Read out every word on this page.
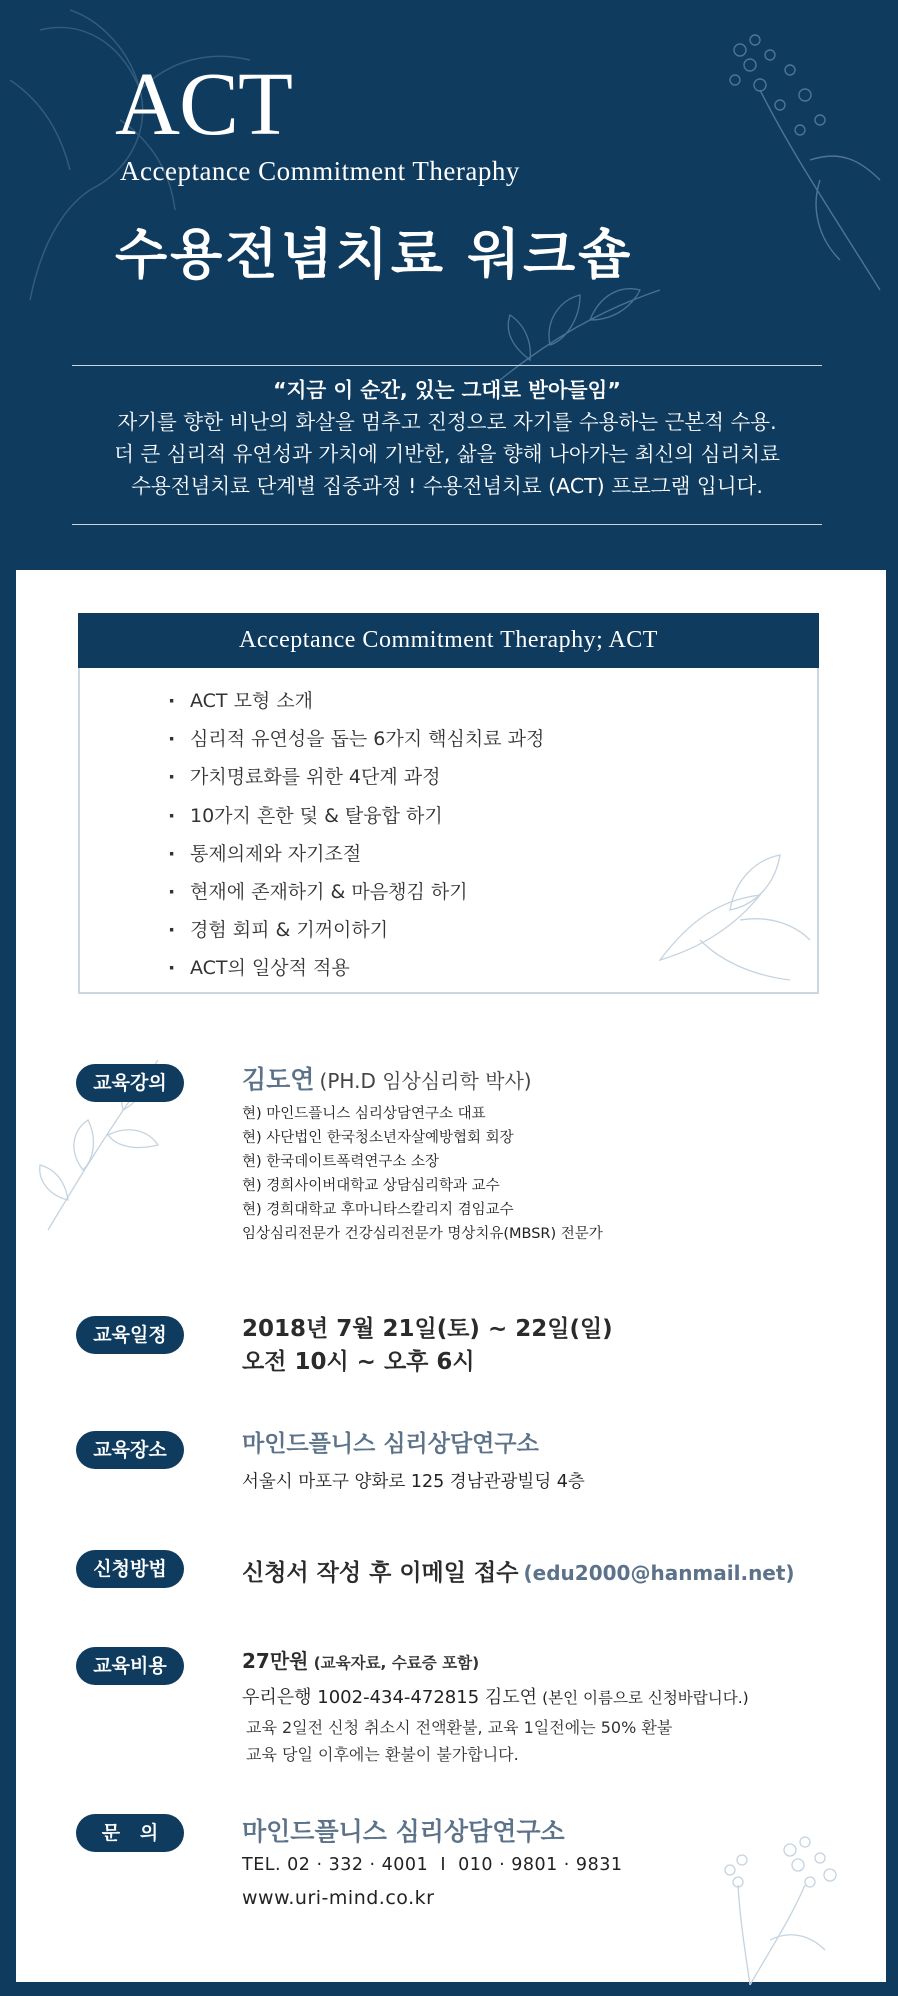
ACT
Acceptance Commitment Theraphy
수용전념치료 워크숍
“지금 이 순간, 있는 그대로 받아들임”
자기를 향한 비난의 화살을 멈추고 진정으로 자기를 수용하는 근본적 수용.
더 큰 심리적 유연성과 가치에 기반한, 삶을 향해 나아가는 최신의 심리치료
수용전념치료 단계별 집중과정 ! 수용전념치료 (ACT) 프로그램 입니다.
Acceptance Commitment Theraphy; ACT
· ACT 모형 소개
· 심리적 유연성을 돕는 6가지 핵심치료 과정
· 가치명료화를 위한 4단계 과정
· 10가지 흔한 덫 & 탈융합 하기
· 통제의제와 자기조절
· 현재에 존재하기 & 마음챙김 하기
· 경험 회피 & 기꺼이하기
· ACT의 일상적 적용
교육강의	김도연 (PH.D 임상심리학 박사)
현) 마인드플니스 심리상담연구소 대표
현) 사단법인 한국청소년자살예방협회 회장
현) 한국데이트폭력연구소 소장
현) 경희사이버대학교 상담심리학과 교수
현) 경희대학교 후마니타스칼리지 겸임교수
임상심리전문가 건강심리전문가 명상치유(MBSR) 전문가
교육일정	2018년 7월 21일(토) ~ 22일(일)
오전 10시 ~ 오후 6시
교육장소	마인드플니스 심리상담연구소
서울시 마포구 양화로 125 경남관광빌딩 4층
신청방법	신청서 작성 후 이메일 접수 (edu2000@hanmail.net)
교육비용	27만원 (교육자료, 수료증 포함)
우리은행 1002-434-472815 김도연 (본인 이름으로 신청바랍니다.)
교육 2일전 신청 취소시 전액환불, 교육 1일전에는 50% 환불
교육 당일 이후에는 환불이 불가합니다.
문   의	마인드플니스 심리상담연구소
TEL. 02 · 332 · 4001  I  010 · 9801 · 9831
www.uri-mind.co.kr
